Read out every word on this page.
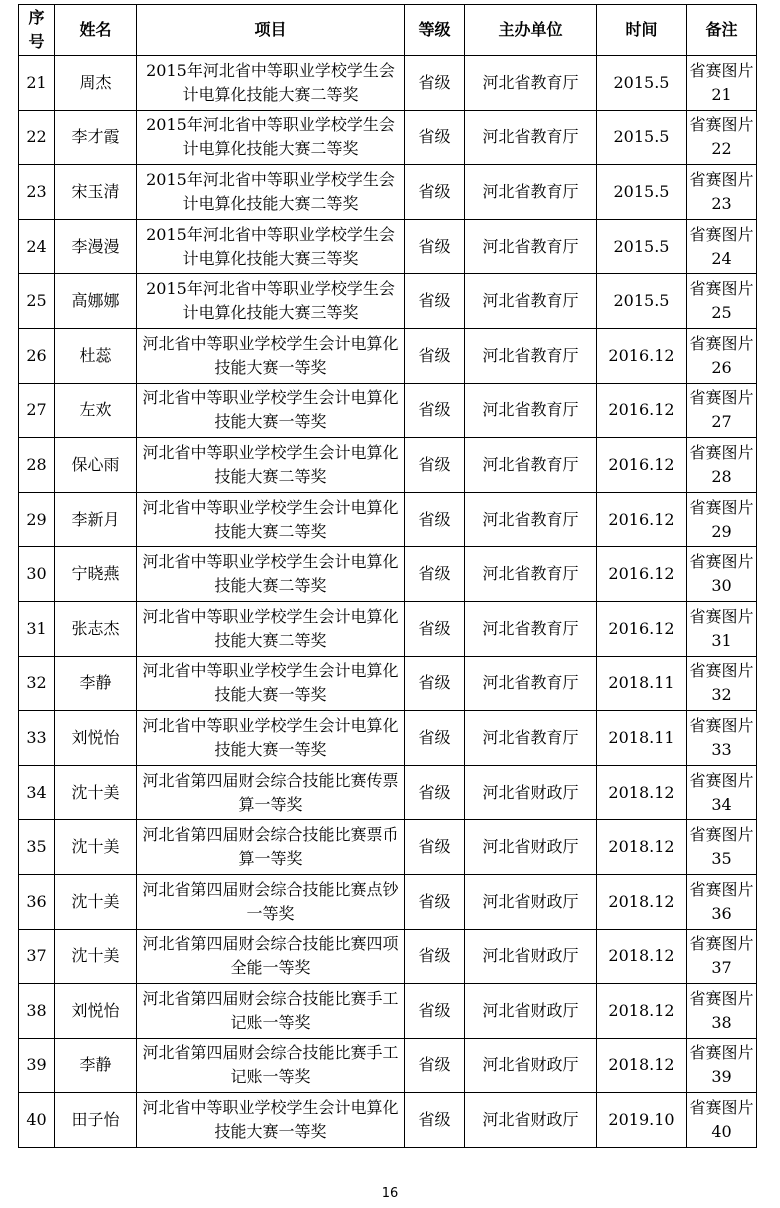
序号	姓名	项目	等级	主办单位	时间	备注
21	周杰	2015年河北省中等职业学校学生会计电算化技能大赛二等奖	省级	河北省教育厅	2015.5	省赛图片21
22	李才霞	2015年河北省中等职业学校学生会计电算化技能大赛二等奖	省级	河北省教育厅	2015.5	省赛图片22
23	宋玉清	2015年河北省中等职业学校学生会计电算化技能大赛二等奖	省级	河北省教育厅	2015.5	省赛图片23
24	李漫漫	2015年河北省中等职业学校学生会计电算化技能大赛三等奖	省级	河北省教育厅	2015.5	省赛图片24
25	高娜娜	2015年河北省中等职业学校学生会计电算化技能大赛三等奖	省级	河北省教育厅	2015.5	省赛图片25
26	杜蕊	河北省中等职业学校学生会计电算化技能大赛一等奖	省级	河北省教育厅	2016.12	省赛图片26
27	左欢	河北省中等职业学校学生会计电算化技能大赛一等奖	省级	河北省教育厅	2016.12	省赛图片27
28	保心雨	河北省中等职业学校学生会计电算化技能大赛二等奖	省级	河北省教育厅	2016.12	省赛图片28
29	李新月	河北省中等职业学校学生会计电算化技能大赛二等奖	省级	河北省教育厅	2016.12	省赛图片29
30	宁晓燕	河北省中等职业学校学生会计电算化技能大赛二等奖	省级	河北省教育厅	2016.12	省赛图片30
31	张志杰	河北省中等职业学校学生会计电算化技能大赛二等奖	省级	河北省教育厅	2016.12	省赛图片31
32	李静	河北省中等职业学校学生会计电算化技能大赛一等奖	省级	河北省教育厅	2018.11	省赛图片32
33	刘悦怡	河北省中等职业学校学生会计电算化技能大赛一等奖	省级	河北省教育厅	2018.11	省赛图片33
34	沈十美	河北省第四届财会综合技能比赛传票算一等奖	省级	河北省财政厅	2018.12	省赛图片34
35	沈十美	河北省第四届财会综合技能比赛票币算一等奖	省级	河北省财政厅	2018.12	省赛图片35
36	沈十美	河北省第四届财会综合技能比赛点钞一等奖	省级	河北省财政厅	2018.12	省赛图片36
37	沈十美	河北省第四届财会综合技能比赛四项全能一等奖	省级	河北省财政厅	2018.12	省赛图片37
38	刘悦怡	河北省第四届财会综合技能比赛手工记账一等奖	省级	河北省财政厅	2018.12	省赛图片38
39	李静	河北省第四届财会综合技能比赛手工记账一等奖	省级	河北省财政厅	2018.12	省赛图片39
40	田子怡	河北省中等职业学校学生会计电算化技能大赛一等奖	省级	河北省财政厅	2019.10	省赛图片40
16
